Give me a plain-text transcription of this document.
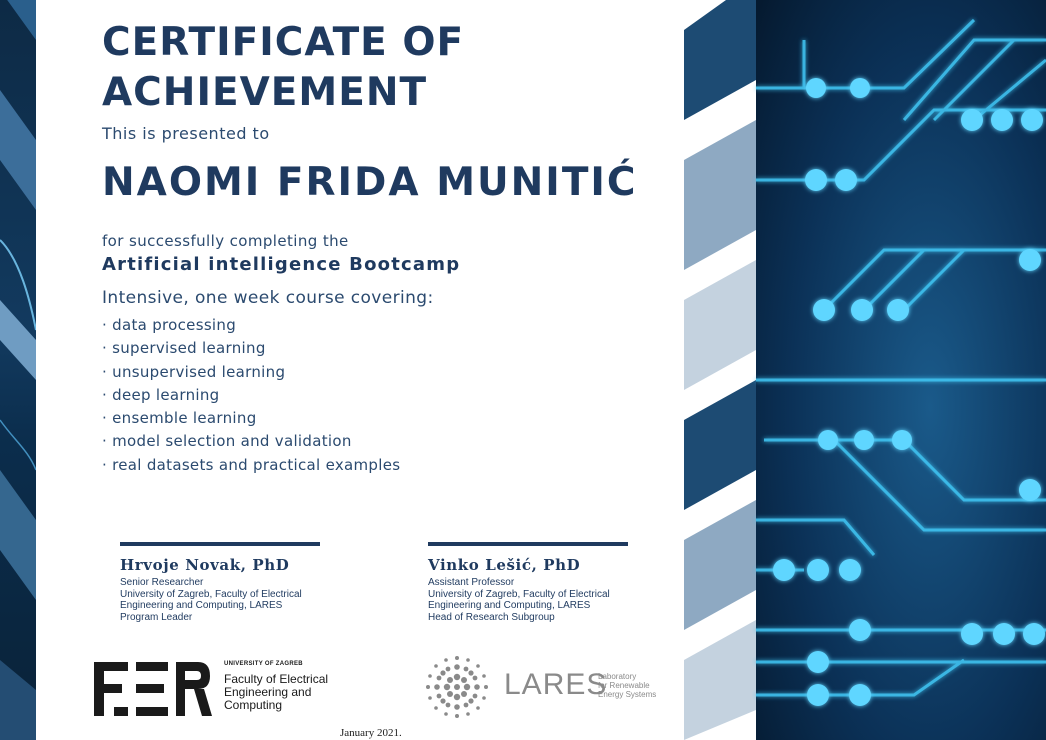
CERTIFICATE OF ACHIEVEMENT
This is presented to
NAOMI FRIDA MUNITIĆ
for successfully completing the
Artificial intelligence Bootcamp
Intensive, one week course covering:
· data processing
· supervised learning
· unsupervised learning
· deep learning
· ensemble learning
· model selection and validation
· real datasets and practical examples
Hrvoje Novak, PhD
Senior Researcher
University of Zagreb, Faculty of Electrical
Engineering and Computing, LARES
Program Leader
Vinko Lešić, PhD
Assistant Professor
University of Zagreb, Faculty of Electrical
Engineering and Computing, LARES
Head of Research Subgroup
UNIVERSITY OF ZAGREB
Faculty of Electrical
Engineering and
Computing
LARES
Laboratory
for Renewable
Energy Systems
January 2021.
